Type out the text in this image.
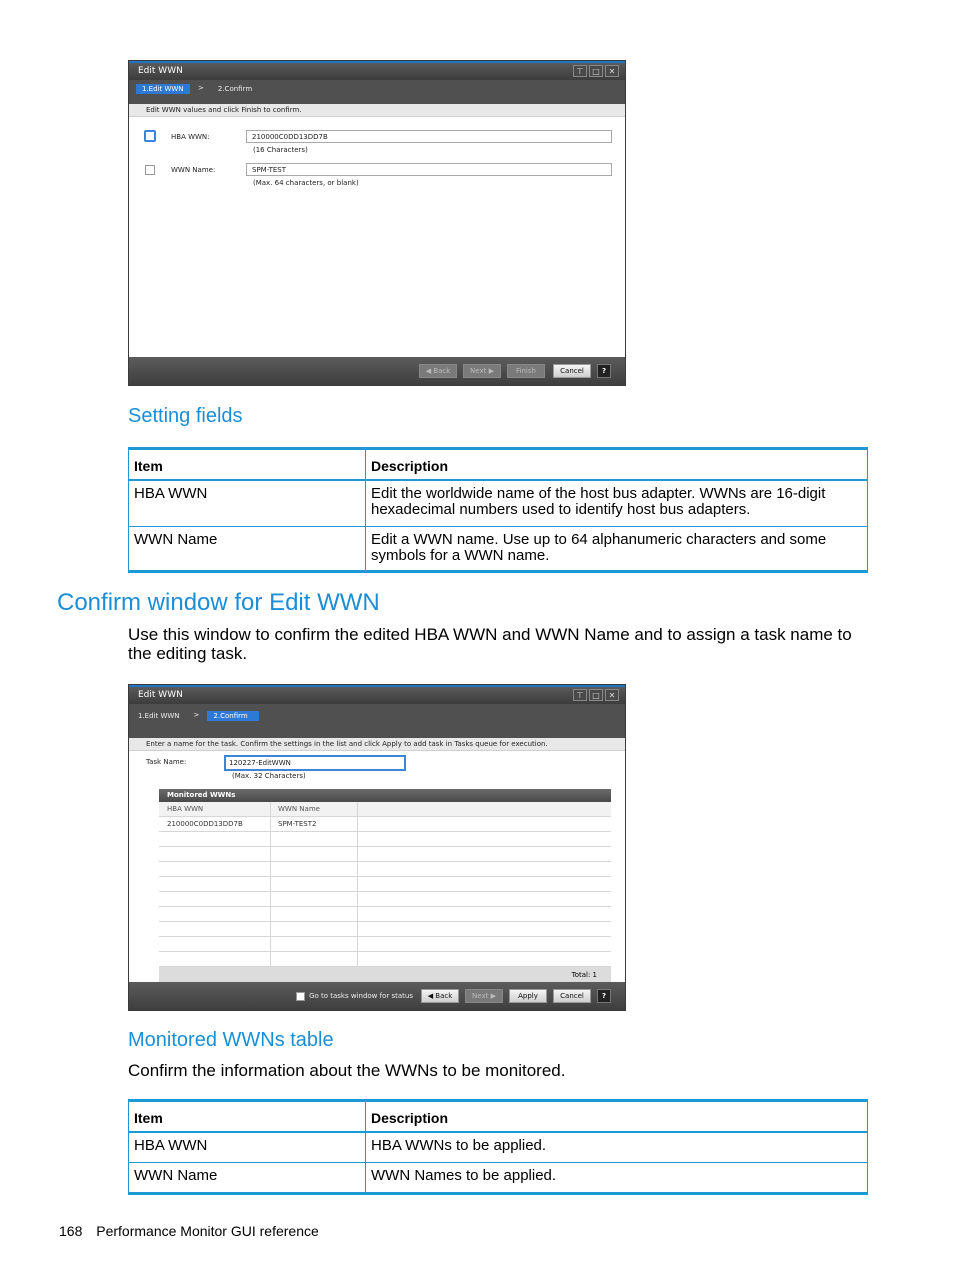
Edit WWN	⊤	□	✕
1.Edit WWN	>	2.Confirm
Edit WWN values and click Finish to confirm.
HBA WWN:	210000C0DD13DD7B
(16 Characters)
WWN Name:	SPM-TEST
(Max. 64 characters, or blank)
◀ Back	Next ▶	Finish	Cancel	?
Setting fields
Item	Description
HBA WWN	Edit the worldwide name of the host bus adapter. WWNs are 16-digit hexadecimal numbers used to identify host bus adapters.
WWN Name	Edit a WWN name. Use up to 64 alphanumeric characters and some symbols for a WWN name.
Confirm window for Edit WWN
Use this window to confirm the edited HBA WWN and WWN Name and to assign a task name to the editing task.
Edit WWN	⊤	□	✕
1.Edit WWN	>	2.Confirm
Enter a name for the task. Confirm the settings in the list and click Apply to add task in Tasks queue for execution.
Task Name:	120227-EditWWN
(Max. 32 Characters)
Monitored WWNs
HBA WWN	WWN Name
210000C0DD13DD7B	SPM-TEST2
Total: 1
Go to tasks window for status	◀ Back	Next ▶	Apply	Cancel	?
Monitored WWNs table
Confirm the information about the WWNs to be monitored.
Item	Description
HBA WWN	HBA WWNs to be applied.
WWN Name	WWN Names to be applied.
168 Performance Monitor GUI reference
